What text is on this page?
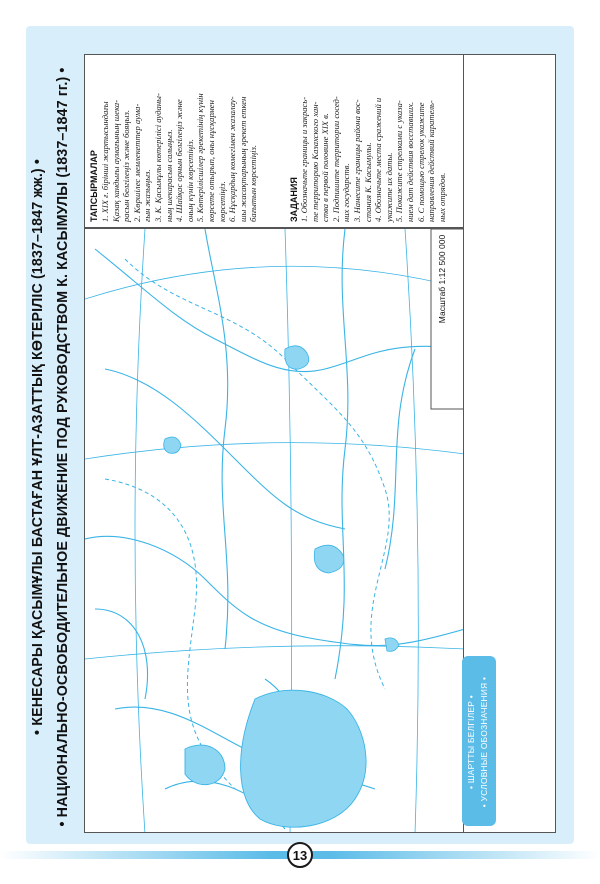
• КЕНЕСАРЫ ҚАСЫМҰЛЫ БАСТАҒАН ҰЛТ-АЗАТТЫҚ КӨТЕРІЛІС (1837–1847 жж.) • • НАЦИОНАЛЬНО-ОСВОБОДИТЕЛЬНОЕ ДВИЖЕНИЕ ПОД РУКОВОДСТВОМ К. КАСЫМУЛЫ (1837–1847 гг.) •	Масштаб 1:12 500 000
ТАПСЫРМАЛАР 1. XIX ғ. бірінші жартысындағы Қазақ хандығы аумағының шека- расын белгілеңіз және бояңыз. 2. Көршілес мемлекеттер аума- ғын жазыңыз. 3. К. Қасымұлы көтерілісі ауданы- ның шекарасын салыңыз. 4. Шайқас орнын белгілеңіз және оның күнін көрсетіңіз. 5. Көтерілісшілер әрекетінің күнін көрсете отырып, оны нұсқармен көрсетіңіз. 6. Нұсқардың көмегімен жазалау- шы жасақтарының әрекет еткен бағытын көрсетіңіз.	ЗАДАНИЯ 1. Обозначьте границы и закрась- те территорию Казахского хан- ства в первой половине XIX в. 2. Подпишите территории сосед- них государств. 3. Нанесите границы района вос- стания К. Касымулы. 4. Обозначьте места сражений и укажите их даты. 5. Покажите стрелками с указа- нием дат действия восставших. 6. С помощью стрелок укажите направления действий каратель- ных отрядов.
• ШАРТТЫ БЕЛГІЛЕР • • УСЛОВНЫЕ ОБОЗНАЧЕНИЯ •
13
